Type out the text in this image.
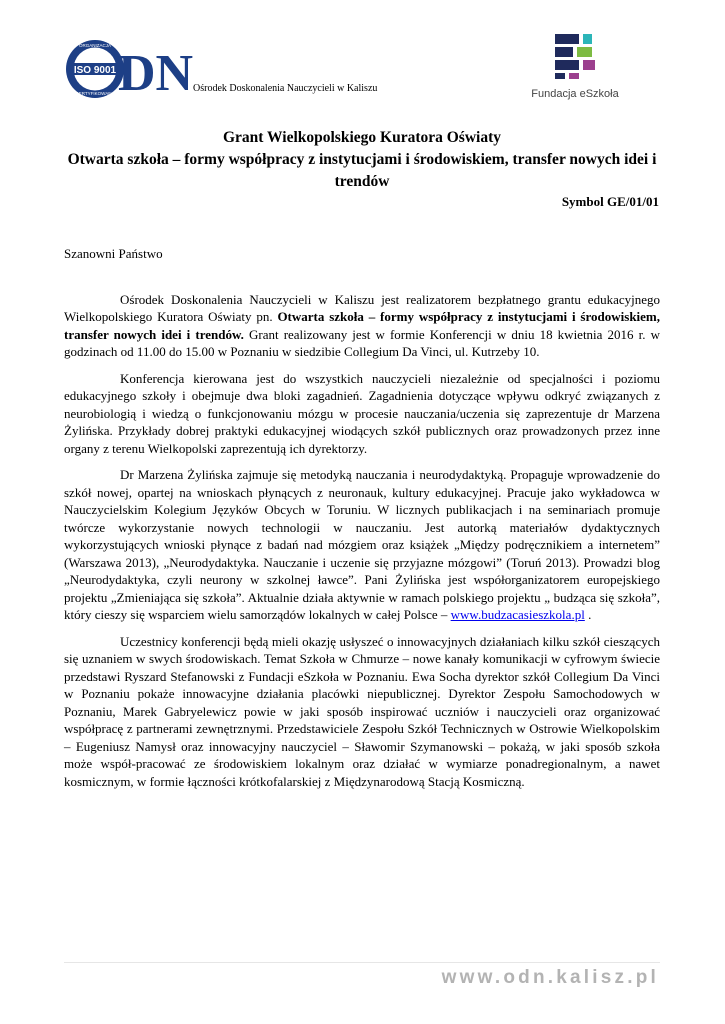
ISO 9001
ORGANIZACJA
CERTYFIKOWANA DN Ośrodek Doskonalenia Nauczycieli w Kaliszu	Fundacja eSzkoła
Grant Wielkopolskiego Kuratora Oświaty
Otwarta szkoła – formy współpracy z instytucjami i środowiskiem, transfer nowych idei i trendów
Symbol GE/01/01

Szanowni Państwo

Ośrodek Doskonalenia Nauczycieli w Kaliszu jest realizatorem bezpłatnego grantu edukacyjnego Wielkopolskiego Kuratora Oświaty pn. Otwarta szkoła – formy współpracy z instytucjami i środowiskiem, transfer nowych idei i trendów. Grant realizowany jest w formie Konferencji w dniu 18 kwietnia 2016 r. w godzinach od 11.00 do 15.00 w Poznaniu w siedzibie Collegium Da Vinci, ul. Kutrzeby 10.

Konferencja kierowana jest do wszystkich nauczycieli niezależnie od specjalności i poziomu edukacyjnego szkoły i obejmuje dwa bloki zagadnień. Zagadnienia dotyczące wpływu odkryć związanych z neurobiologią i wiedzą o funkcjonowaniu mózgu w procesie nauczania/uczenia się zaprezentuje dr Marzena Żylińska. Przykłady dobrej praktyki edukacyjnej wiodących szkół publicznych oraz prowadzonych przez inne organy z terenu Wielkopolski zaprezentują ich dyrektorzy.

Dr Marzena Żylińska zajmuje się metodyką nauczania i neurodydaktyką. Propaguje wprowadzenie do szkół nowej, opartej na wnioskach płynących z neuronauk, kultury edukacyjnej. Pracuje jako wykładowca w Nauczycielskim Kolegium Języków Obcych w Toruniu. W licznych publikacjach i na seminariach promuje twórcze wykorzystanie nowych technologii w nauczaniu. Jest autorką materiałów dydaktycznych wykorzystujących wnioski płynące z badań nad mózgiem oraz książek „Między podręcznikiem a internetem” (Warszawa 2013), „Neurodydaktyka. Nauczanie i uczenie się przyjazne mózgowi” (Toruń 2013). Prowadzi blog „Neurodydaktyka, czyli neurony w szkolnej ławce”. Pani Żylińska jest współorganizatorem europejskiego projektu „Zmieniająca się szkoła”. Aktualnie działa aktywnie w ramach polskiego projektu „ budząca się szkoła”, który cieszy się wsparciem wielu samorządów lokalnych w całej Polsce – www.budzacasieszkola.pl .

Uczestnicy konferencji będą mieli okazję usłyszeć o innowacyjnych działaniach kilku szkół cieszących się uznaniem w swych środowiskach. Temat Szkoła w Chmurze – nowe kanały komunikacji w cyfrowym świecie przedstawi Ryszard Stefanowski z Fundacji eSzkoła w Poznaniu. Ewa Socha dyrektor szkół Collegium Da Vinci w Poznaniu pokaże innowacyjne działania placówki niepublicznej. Dyrektor Zespołu Samochodowych w Poznaniu, Marek Gabryelewicz powie w jaki sposób inspirować uczniów i nauczycieli oraz organizować współpracę z partnerami zewnętrznymi. Przedstawiciele Zespołu Szkół Technicznych w Ostrowie Wielkopolskim – Eugeniusz Namysł oraz innowacyjny nauczyciel – Sławomir Szymanowski – pokażą, w jaki sposób szkoła może współ-pracować ze środowiskiem lokalnym oraz działać w wymiarze ponadregionalnym, a nawet kosmicznym, w formie łączności krótkofalarskiej z Międzynarodową Stacją Kosmiczną.

www.odn.kalisz.pl
